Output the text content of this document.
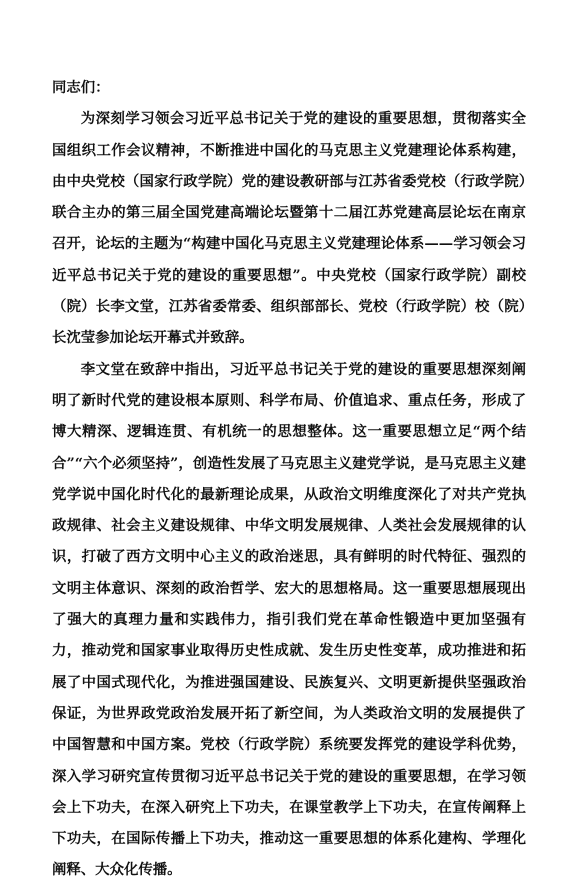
同志们：

为深刻学习领会习近平总书记关于党的建设的重要思想，贯彻落实全国组织工作会议精神，不断推进中国化的马克思主义党建理论体系构建，由中央党校（国家行政学院）党的建设教研部与江苏省委党校（行政学院）联合主办的第三届全国党建高端论坛暨第十二届江苏党建高层论坛在南京召开，论坛的主题为“构建中国化马克思主义党建理论体系——学习领会习近平总书记关于党的建设的重要思想”。中央党校（国家行政学院）副校（院）长李文堂，江苏省委常委、组织部部长、党校（行政学院）校（院）长沈莹参加论坛开幕式并致辞。

李文堂在致辞中指出，习近平总书记关于党的建设的重要思想深刻阐明了新时代党的建设根本原则、科学布局、价值追求、重点任务，形成了博大精深、逻辑连贯、有机统一的思想整体。这一重要思想立足“两个结合”“六个必须坚持”，创造性发展了马克思主义建党学说，是马克思主义建党学说中国化时代化的最新理论成果，从政治文明维度深化了对共产党执政规律、社会主义建设规律、中华文明发展规律、人类社会发展规律的认识，打破了西方文明中心主义的政治迷思，具有鲜明的时代特征、强烈的文明主体意识、深刻的政治哲学、宏大的思想格局。这一重要思想展现出了强大的真理力量和实践伟力，指引我们党在革命性锻造中更加坚强有力，推动党和国家事业取得历史性成就、发生历史性变革，成功推进和拓展了中国式现代化，为推进强国建设、民族复兴、文明更新提供坚强政治保证，为世界政党政治发展开拓了新空间，为人类政治文明的发展提供了中国智慧和中国方案。党校（行政学院）系统要发挥党的建设学科优势，深入学习研究宣传贯彻习近平总书记关于党的建设的重要思想，在学习领会上下功夫，在深入研究上下功夫，在课堂教学上下功夫，在宣传阐释上下功夫，在国际传播上下功夫，推动这一重要思想的体系化建构、学理化阐释、大众化传播。
